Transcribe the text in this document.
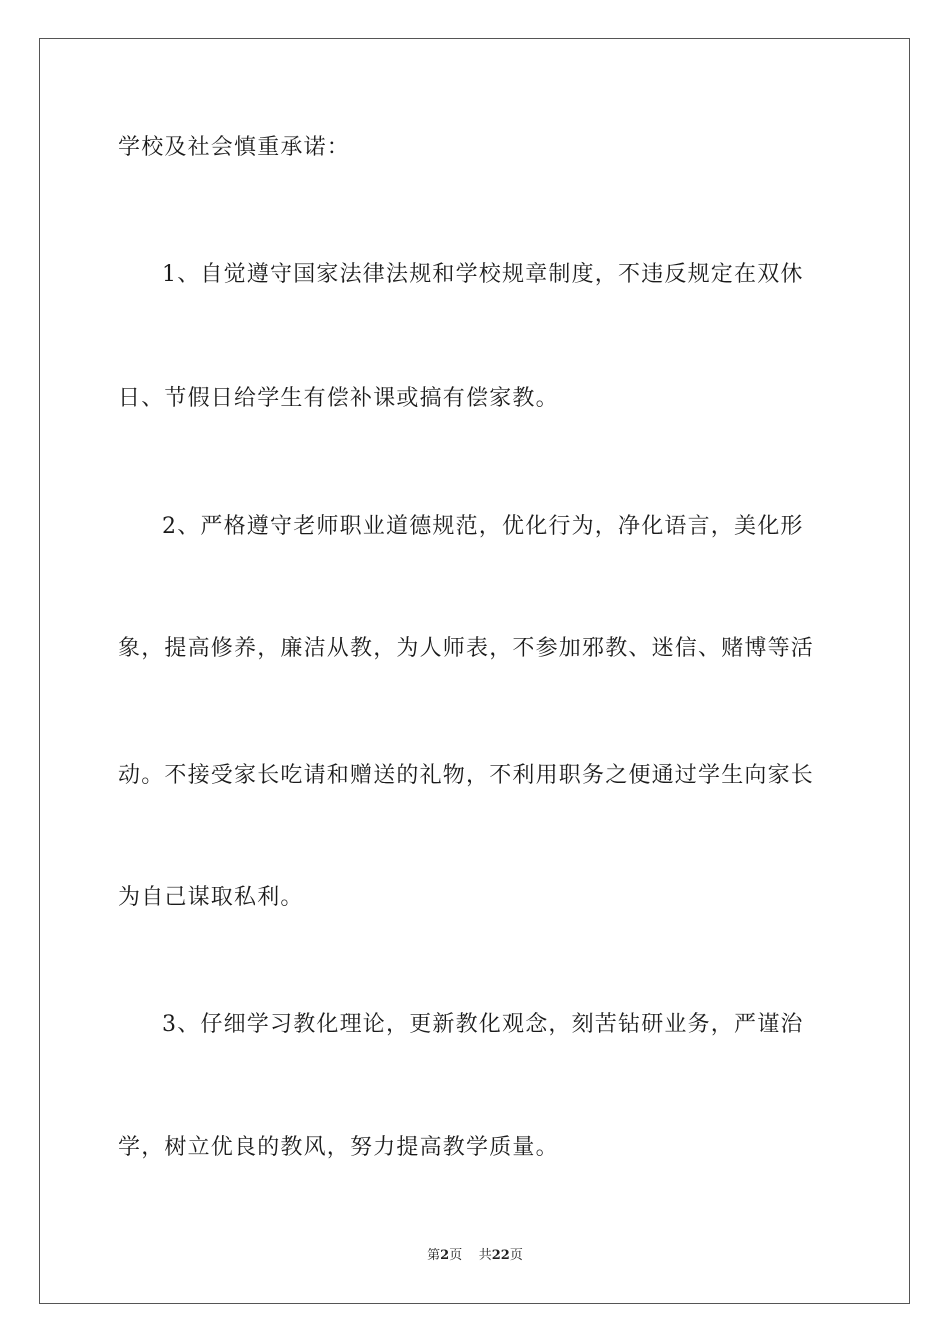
学校及社会慎重承诺：
1、自觉遵守国家法律法规和学校规章制度，不违反规定在双休
日、节假日给学生有偿补课或搞有偿家教。
2、严格遵守老师职业道德规范，优化行为，净化语言，美化形
象，提高修养，廉洁从教，为人师表，不参加邪教、迷信、赌博等活
动。不接受家长吃请和赠送的礼物，不利用职务之便通过学生向家长
为自己谋取私利。
3、仔细学习教化理论，更新教化观念，刻苦钻研业务，严谨治
学，树立优良的教风，努力提高教学质量。
第2页 共22页
